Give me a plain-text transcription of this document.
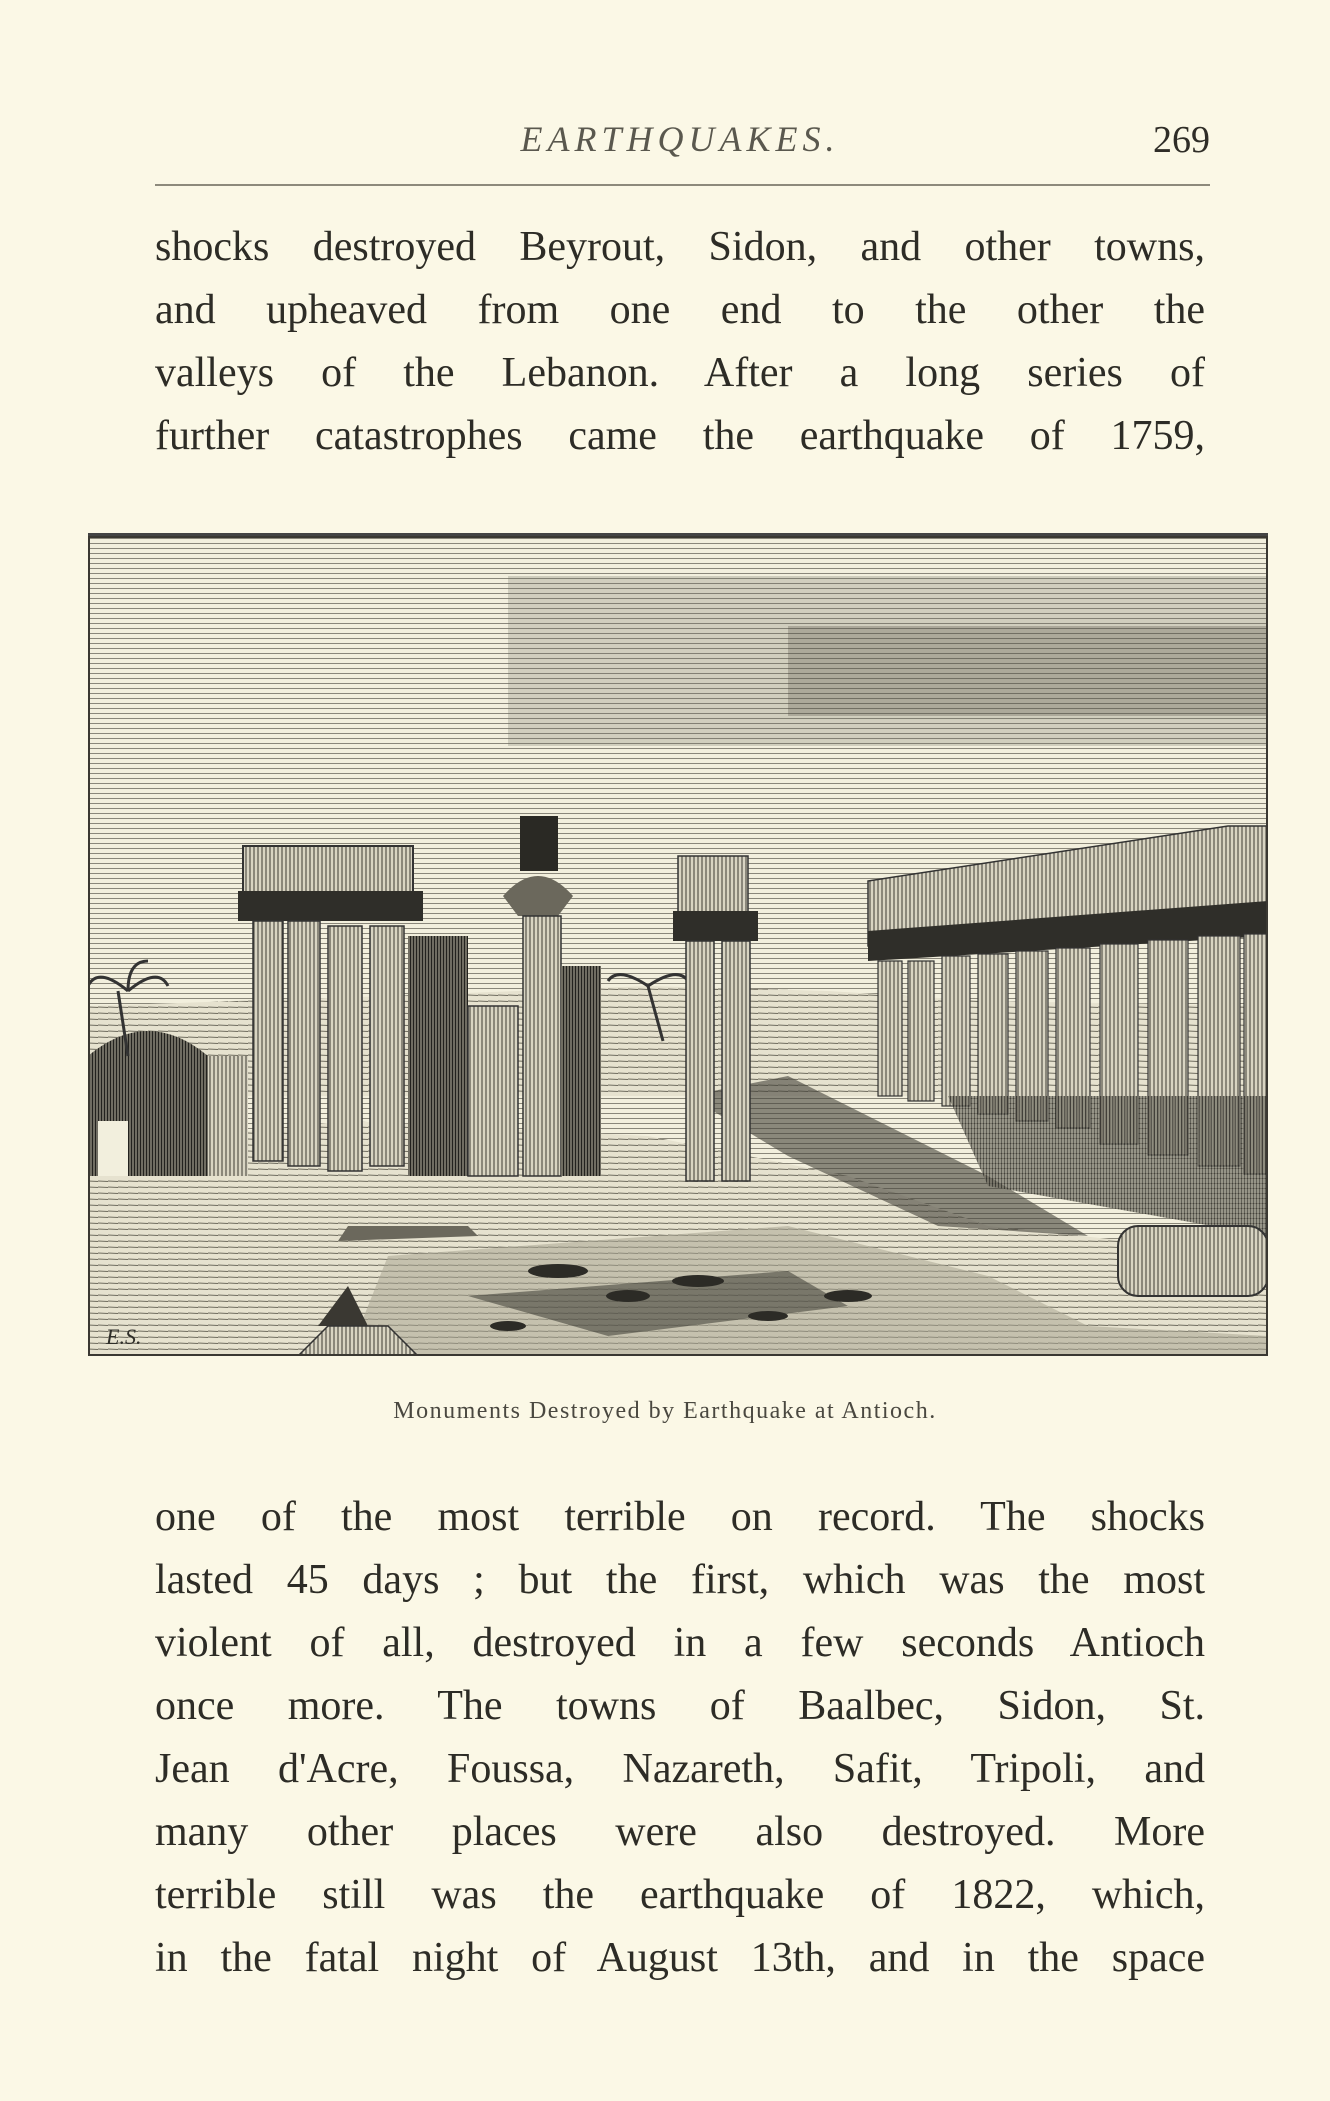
EARTHQUAKES.	269
shocks destroyed Beyrout, Sidon, and other towns,
and upheaved from one end to the other the
valleys of the Lebanon. After a long series of
further catastrophes came the earthquake of 1759,
E.S.
Monuments Destroyed by Earthquake at Antioch.
one of the most terrible on record. The shocks
lasted 45 days ; but the first, which was the most
violent of all, destroyed in a few seconds Antioch
once more. The towns of Baalbec, Sidon, St.
Jean d'Acre, Foussa, Nazareth, Safit, Tripoli, and
many other places were also destroyed. More
terrible still was the earthquake of 1822, which,
in the fatal night of August 13th, and in the space
